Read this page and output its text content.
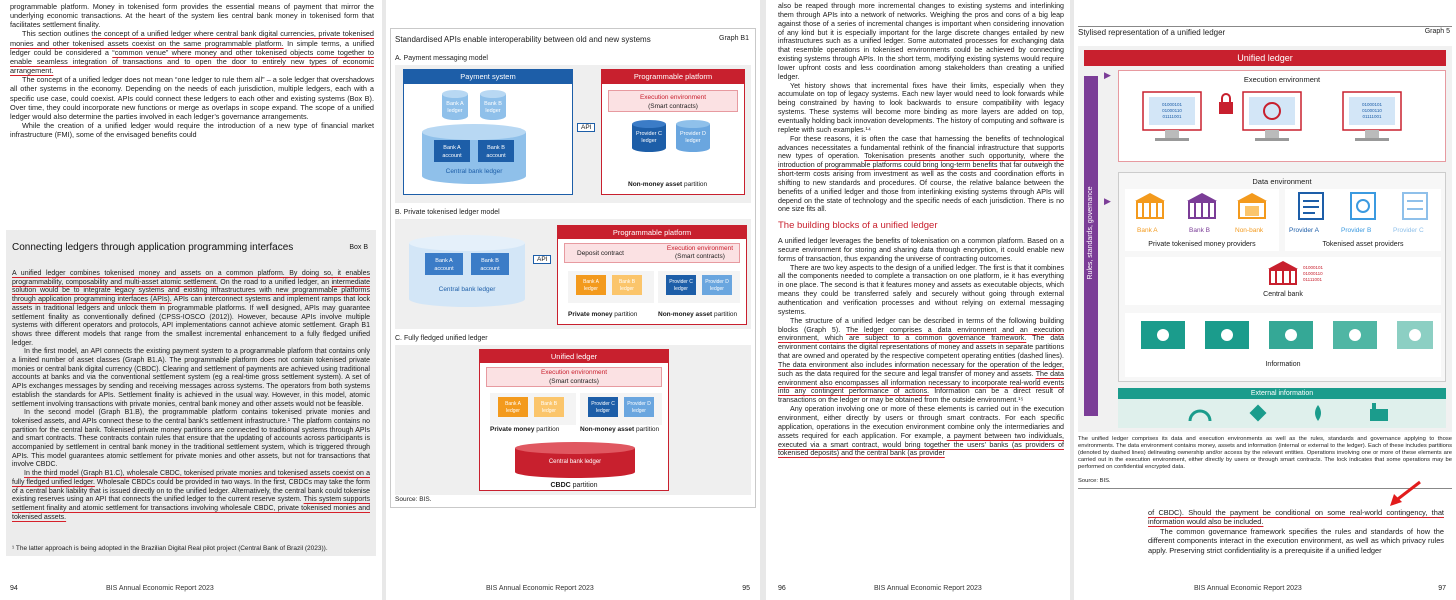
programmable platform. Money in tokenised form provides the essential means of payment that mirror the underlying economic transactions. At the heart of the system lies central bank money in tokenised form that facilitates settlement finality.

This section outlines the concept of a unified ledger where central bank digital currencies, private tokenised monies and other tokenised assets coexist on the same programmable platform. In simple terms, a unified ledger could be considered a “common venue” where money and other tokenised objects come together to enable seamless integration of transactions and to open the door to entirely new types of economic arrangement.

The concept of a unified ledger does not mean “one ledger to rule them all” – a sole ledger that overshadows all other systems in the economy. Depending on the needs of each jurisdiction, multiple ledgers, each with a specific use case, could coexist. APIs could connect these ledgers to each other and existing systems (Box B). Over time, they could incorporate new functions or merge as overlaps in scope expand. The scope of a unified ledger would also determine the parties involved in each ledger’s governance arrangements.

While the creation of a unified ledger would require the introduction of a new type of financial market infrastructure (FMI), some of the envisaged benefits could

Connecting ledgers through application programming interfaces	Box B

A unified ledger combines tokenised money and assets on a common platform. By doing so, it enables programmability, composability and multi-asset atomic settlement. On the road to a unified ledger, an intermediate solution would be to integrate legacy systems and existing infrastructures with new programmable platforms through application programming interfaces (APIs). APIs can interconnect systems and implement ramps that lock assets in traditional ledgers and unlock them in programmable platforms. If well designed, APIs may guarantee settlement finality as conventionally defined (CPSS-IOSCO (2012)). However, because APIs involve multiple systems with different operators and protocols, API implementations cannot achieve atomic settlement. Graph B1 shows three different models that range from the smallest incremental enhancement to a fully fledged unified ledger.

In the first model, an API connects the existing payment system to a programmable platform that contains only a limited number of asset classes (Graph B1.A). The programmable platform does not contain tokenised private monies or central bank digital currency (CBDC). Clearing and settlement of payments are achieved using traditional accounts at banks and via the conventional settlement system (eg a real-time gross settlement system). A set of APIs exchanges messages by sending and receiving messages across systems. The operators from both systems establish the standards for APIs. Settlement finality is achieved in the usual way. However, in this model, atomic settlement involving transactions with private monies, central bank money and other assets would not be feasible.

In the second model (Graph B1.B), the programmable platform contains tokenised private monies and tokenised assets, and APIs connect these to the central bank’s settlement infrastructure.¹ The platform contains no partition for the central bank. Tokenised private money partitions are connected to traditional systems through APIs and smart contracts. These contracts contain rules that ensure that the updating of accounts across participants is accompanied by settlement in central bank money in the traditional settlement system, which is triggered through APIs. This model guarantees atomic settlement for private monies and other assets, but not for transactions that involve CBDC.

In the third model (Graph B1.C), wholesale CBDC, tokenised private monies and tokenised assets coexist on a fully fledged unified ledger. Wholesale CBDCs could be provided in two ways. In the first, CBDCs may take the form of a central bank liability that is issued directly on to the unified ledger. Alternatively, the central bank could tokenise existing reserves using an API that connects the unified ledger to the current reserve system. This system supports settlement finality and atomic settlement for transactions involving wholesale CBDC, private tokenised monies and tokenised assets.

¹ The latter approach is being adopted in the Brazilian Digital Real pilot project (Central Bank of Brazil (2023)).
94	BIS Annual Economic Report 2023
Standardised APIs enable interoperability between old and new systems	Graph B1
A. Payment messaging model
B. Private tokenised ledger model
C. Fully fledged unified ledger
Payment system
Bank A
ledger
Bank B
ledger
Bank A
account
Bank B
account
Central bank ledger
API
Programmable platform
Execution environment
(Smart contracts)
Provider C
ledger
Provider D
ledger
Non-money asset partition
Bank A
account
Bank B
account
Central bank ledger
API
Programmable platform
Deposit contract
Execution environment
(Smart contracts)
Bank A
ledger
Bank B
ledger
Provider C
ledger
Provider D
ledger
Private money partition	Non-money asset partition
Unified ledger
Execution environment
(Smart contracts)
Bank A
ledger
Bank B
ledger
Provider C
ledger
Provider D
ledger
Private money partition	Non-money asset partition
Central bank ledger
CBDC partition
Source: BIS.
BIS Annual Economic Report 2023	95

also be reaped through more incremental changes to existing systems and interlinking them through APIs into a network of networks. Weighing the pros and cons of a big leap against those of a series of incremental changes is important when considering innovation of any kind but it is especially important for the large discrete changes entailed by new infrastructures such as a unified ledger. Some automated processes for exchanging data that resemble operations in tokenised environments could be achieved by connecting existing systems through APIs. In the short term, modifying existing systems would require lower upfront costs and less coordination among stakeholders than creating a unified ledger.

Yet history shows that incremental fixes have their limits, especially when they accumulate on top of legacy systems. Each new layer would need to look forwards while being constrained by having to look backwards to ensure compatibility with legacy systems. These systems will become more binding as more layers are added on top, eventually holding back innovation developments. The history of computing and software is replete with such examples.¹⁴

For these reasons, it is often the case that harnessing the benefits of technological advances necessitates a fundamental rethink of the financial infrastructure that supports new types of operation. Tokenisation presents another such opportunity, where the introduction of programmable platforms could bring long-term benefits that far outweigh the short-term costs arising from investment as well as the costs and coordination efforts in shifting to new standards and procedures. Of course, the relative balance between the benefits of a unified ledger and those from interlinking existing systems through APIs will depend on the state of technology and the specific needs of each jurisdiction. There is no one size fits all.

The building blocks of a unified ledger

A unified ledger leverages the benefits of tokenisation on a common platform. Based on a secure environment for storing and sharing data through encryption, it could enable new forms of transaction, thus expanding the universe of contracting outcomes.

There are two key aspects to the design of a unified ledger. The first is that it combines all the components needed to complete a transaction on one platform, ie it has everything in one place. The second is that it features money and assets as executable objects, which means they could be transferred safely and securely without going through external authentication and verification processes and without relying on external messaging systems.

The structure of a unified ledger can be described in terms of the following building blocks (Graph 5). The ledger comprises a data environment and an execution environment, which are subject to a common governance framework. The data environment contains the digital representations of money and assets in separate partitions that are owned and operated by the respective competent operating entities (dashed lines). The data environment also includes information necessary for the operation of the ledger, such as the data required for the secure and legal transfer of money and assets. The data environment also encompasses all information necessary to incorporate real-world events into any contingent performance of actions. Information can be a direct result of transactions on the ledger or may be obtained from the outside environment.¹⁵

Any operation involving one or more of these elements is carried out in the execution environment, either directly by users or through smart contracts. For each specific application, operations in the execution environment combine only the intermediaries and assets required for each application. For example, a payment between two individuals, executed via a smart contract, would bring together the users’ banks (as providers of tokenised deposits) and the central bank (as provider

96	BIS Annual Economic Report 2023
Stylised representation of a unified ledger	Graph 5
Unified ledger
Rules, standards, governance
▶	Execution environment
01000101
01000110
01111001
01000101
01000110
01111001
▶
Data environment
Bank A	Bank B	Non-bank
Private tokenised money providers
Provider A	Provider B	Provider C
Tokenised asset providers
01000101
01000110
01111001
Central bank
Information
External information
The unified ledger comprises its data and execution environments as well as the rules, standards and governance applying to those environments. The data environment contains money, assets and information (internal or external to the ledger). Each of these includes partitions (denoted by dashed lines) delineating ownership and/or access by the relevant entities. Operations involving one or more of these elements are carried out in the execution environment, either directly by users or through smart contracts. The lock indicates that some operations may be performed on confidential encrypted data.
Source: BIS.

of CBDC). Should the payment be conditional on some real-world contingency, that information would also be included.

The common governance framework specifies the rules and standards of how the different components interact in the execution environment, as well as which privacy rules apply. Preserving strict confidentiality is a prerequisite if a unified ledger

BIS Annual Economic Report 2023	97
